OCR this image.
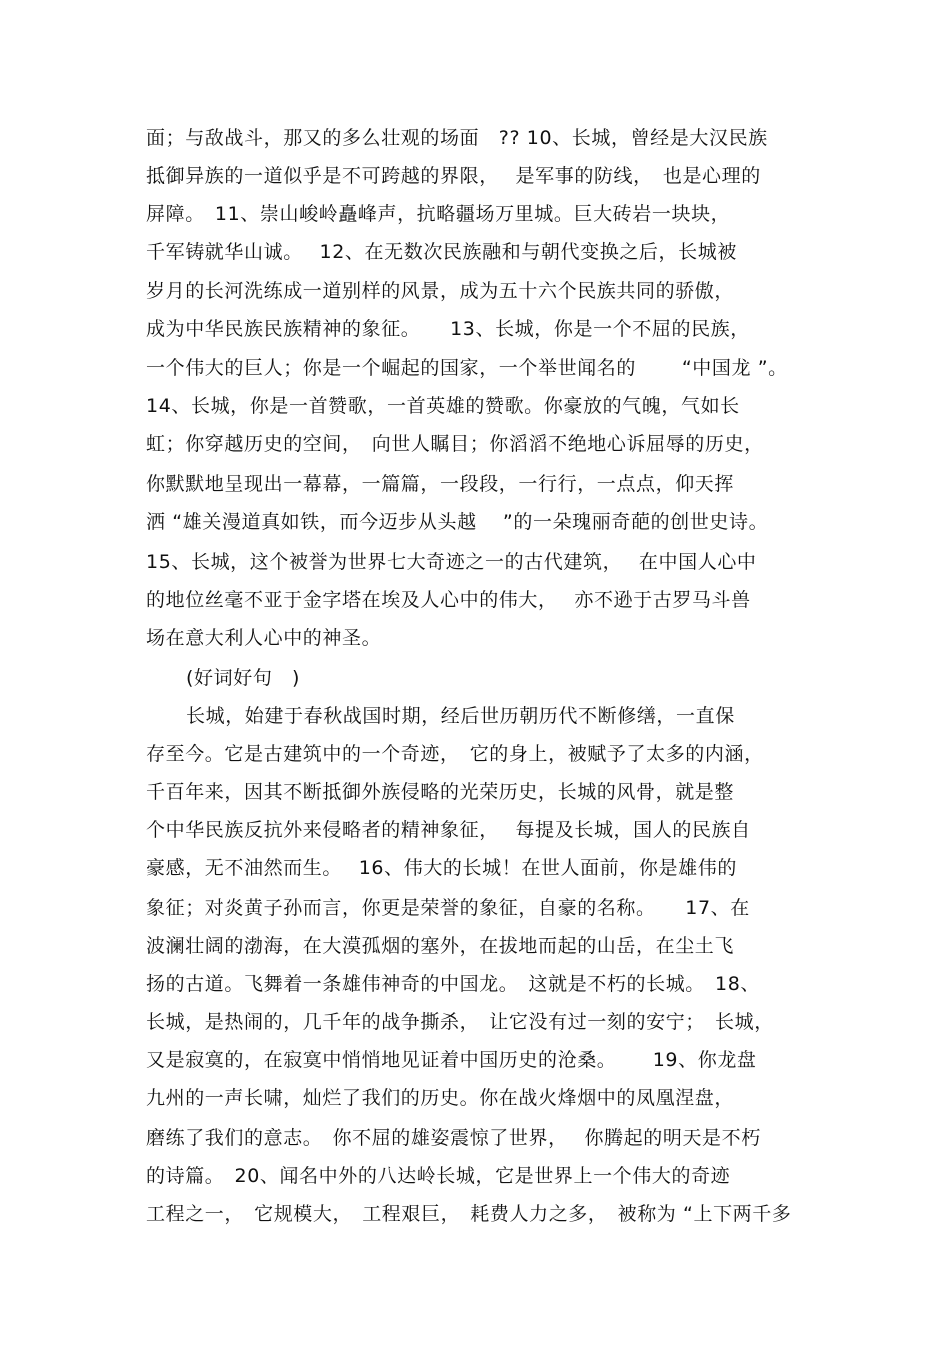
面；与敌战斗，那又的多么壮观的场面　?? 10、长城，曾经是大汉民族
抵御异族的一道似乎是不可跨越的界限，　 是军事的防线，　也是心理的
屏障。　11、崇山峻岭矗峰声，抗略疆场万里城。巨大砖岩一块块，
千军铸就华山诚。　 12、在无数次民族融和与朝代变换之后，长城被
岁月的长河洗练成一道别样的风景，成为五十六个民族共同的骄傲，
成为中华民族民族精神的象征。　　13、长城，你是一个不屈的民族，
一个伟大的巨人；你是一个崛起的国家，一个举世闻名的　　 “中国龙 ”。
14、长城，你是一首赞歌，一首英雄的赞歌。你豪放的气魄，气如长
虹；你穿越历史的空间，　向世人瞩目；你滔滔不绝地心诉屈辱的历史，
你默默地呈现出一幕幕，一篇篇，一段段，一行行，一点点，仰天挥
洒 “雄关漫道真如铁，而今迈步从头越　 ”的一朵瑰丽奇葩的创世史诗。
15、长城，这个被誉为世界七大奇迹之一的古代建筑，　 在中国人心中
的地位丝毫不亚于金字塔在埃及人心中的伟大，　 亦不逊于古罗马斗兽
场在意大利人心中的神圣。
(好词好句　)
长城，始建于春秋战国时期，经后世历朝历代不断修缮，一直保
存至今。它是古建筑中的一个奇迹，　它的身上，被赋予了太多的内涵，
千百年来，因其不断抵御外族侵略的光荣历史，长城的风骨，就是整
个中华民族反抗外来侵略者的精神象征，　 每提及长城，国人的民族自
豪感，无不油然而生。　 16、伟大的长城！在世人面前，你是雄伟的
象征；对炎黄子孙而言，你更是荣誉的象征，自豪的名称。　　17、在
波澜壮阔的渤海，在大漠孤烟的塞外，在拔地而起的山岳，在尘土飞
扬的古道。飞舞着一条雄伟神奇的中国龙。　这就是不朽的长城。　18、
长城，是热闹的，几千年的战争撕杀，　让它没有过一刻的安宁；　长城，
又是寂寞的，在寂寞中悄悄地见证着中国历史的沧桑。　　 19、你龙盘
九州的一声长啸，灿烂了我们的历史。你在战火烽烟中的凤凰涅盘，
磨练了我们的意志。　你不屈的雄姿震惊了世界，　 你腾起的明天是不朽
的诗篇。　20、闻名中外的八达岭长城，它是世界上一个伟大的奇迹
工程之一，　它规模大，　工程艰巨，　耗费人力之多，　被称为 “上下两千多
